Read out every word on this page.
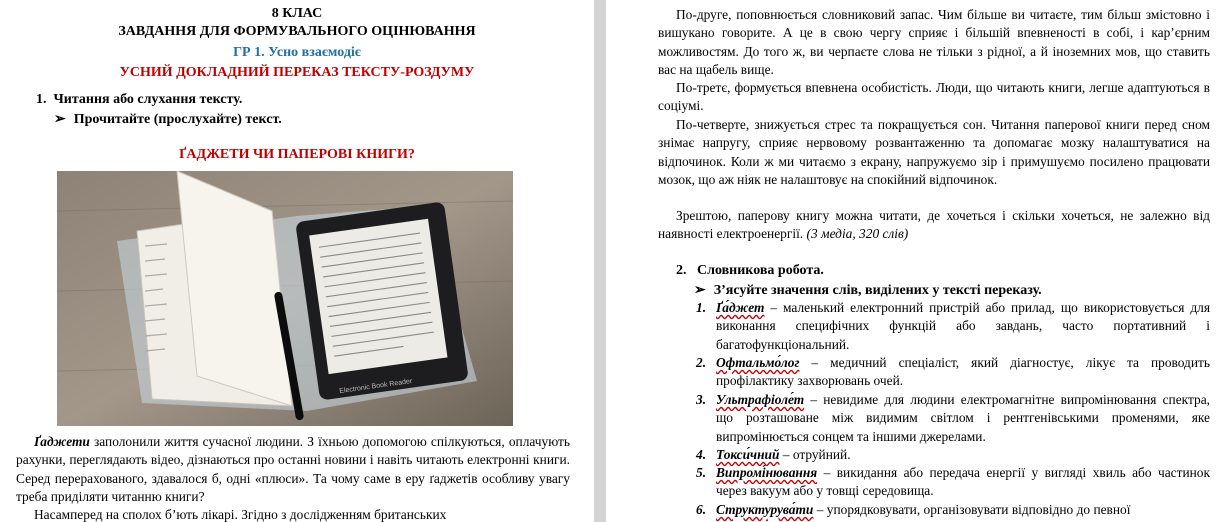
8 КЛАС
ЗАВДАННЯ ДЛЯ ФОРМУВАЛЬНОГО ОЦІНЮВАННЯ
ГР 1. Усно взаємодіє
УСНИЙ ДОКЛАДНИЙ ПЕРЕКАЗ ТЕКСТУ-РОЗДУМУ
1. Читання або слухання тексту.
➢ Прочитайте (прослухайте) текст.
ҐАДЖЕТИ ЧИ ПАПЕРОВІ КНИГИ?
Electronic Book Reader
Ґаджети заполонили життя сучасної людини. З їхньою допомогою спілкуються, оплачують рахунки, переглядають відео, дізнаються про останні новини і навіть читають електронні книги. Серед перерахованого, здавалося б, одні «плюси». Та чому саме в еру ґаджетів особливу увагу треба приділяти читанню книги?
Насамперед на сполох б’ють лікарі. Згідно з дослідженням британських
По-друге, поповнюється словниковий запас. Чим більше ви читаєте, тим більш змістовно і вишукано говорите. А це в свою чергу сприяє і більшій впевненості в собі, і кар’єрним можливостям. До того ж, ви черпаєте слова не тільки з рідної, а й іноземних мов, що ставить вас на щабель вище.
По-третє, формується впевнена особистість. Люди, що читають книги, легше адаптуються в соціумі.
По-четверте, знижується стрес та покращується сон. Читання паперової книги перед сном знімає напругу, сприяє нервовому розвантаженню та допомагає мозку налаштуватися на відпочинок. Коли ж ми читаємо з екрану, напружуємо зір і примушуємо посилено працювати мозок, що аж ніяк не налаштовує на спокійний відпочинок.
Зрештою, паперову книгу можна читати, де хочеться і скільки хочеться, не залежно від наявності електроенергії. (3 медіа, 320 слів)
2. Словникова робота.
➢ З’ясуйте значення слів, виділених у тексті переказу.
1. Ґа́джет – маленький електронний пристрій або прилад, що використовується для виконання специфічних функцій або завдань, часто портативний і багатофункціональний.
2. Офтальмо́лог – медичний спеціаліст, який діагностує, лікує та проводить профілактику захворювань очей.
3. Ультрафіоле́т – невидиме для людини електромагнітне випромінювання спектра, що розташоване між видимим світлом і рентгенівськими променями, яке випромінюється сонцем та іншими джерелами.
4. Токси́чний – отруйний.
5. Випромі́нювання – викидання або передача енергії у вигляді хвиль або частинок через вакуум або у товщі середовища.
6. Структурува́ти – упорядковувати, організовувати відповідно до певної
